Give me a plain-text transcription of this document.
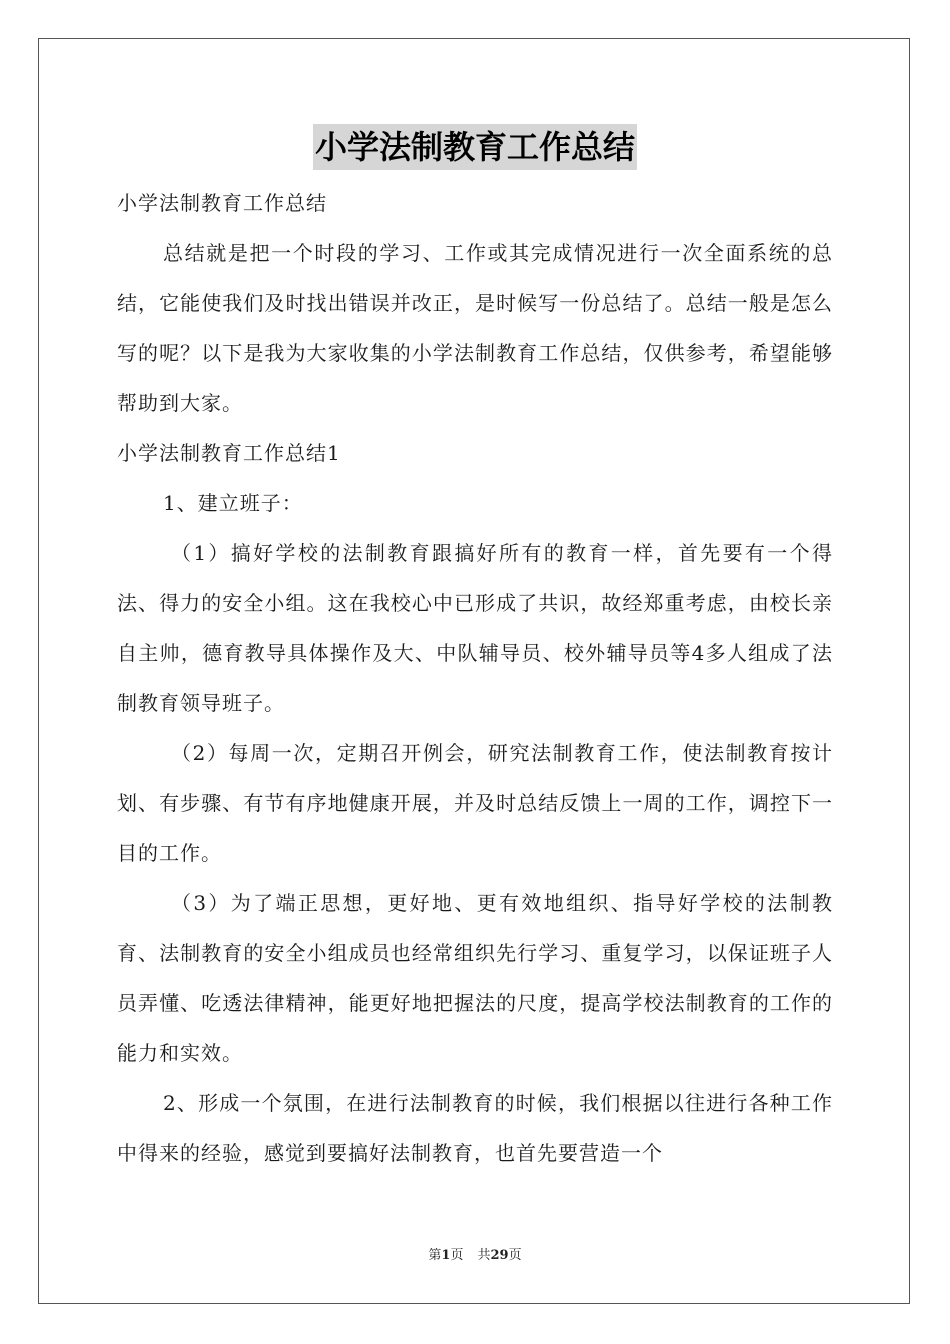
小学法制教育工作总结

小学法制教育工作总结

总结就是把一个时段的学习、工作或其完成情况进行一次全面系统的总结，它能使我们及时找出错误并改正，是时候写一份总结了。总结一般是怎么写的呢？以下是我为大家收集的小学法制教育工作总结，仅供参考，希望能够帮助到大家。

小学法制教育工作总结1

1、建立班子：

（1）搞好学校的法制教育跟搞好所有的教育一样，首先要有一个得法、得力的安全小组。这在我校心中已形成了共识，故经郑重考虑，由校长亲自主帅，德育教导具体操作及大、中队辅导员、校外辅导员等4多人组成了法制教育领导班子。

（2）每周一次，定期召开例会，研究法制教育工作，使法制教育按计划、有步骤、有节有序地健康开展，并及时总结反馈上一周的工作，调控下一目的工作。

（3）为了端正思想，更好地、更有效地组织、指导好学校的法制教育、法制教育的安全小组成员也经常组织先行学习、重复学习，以保证班子人员弄懂、吃透法律精神，能更好地把握法的尺度，提高学校法制教育的工作的能力和实效。

2、形成一个氛围，在进行法制教育的时候，我们根据以往进行各种工作中得来的经验，感觉到要搞好法制教育，也首先要营造一个

第1页 共29页
